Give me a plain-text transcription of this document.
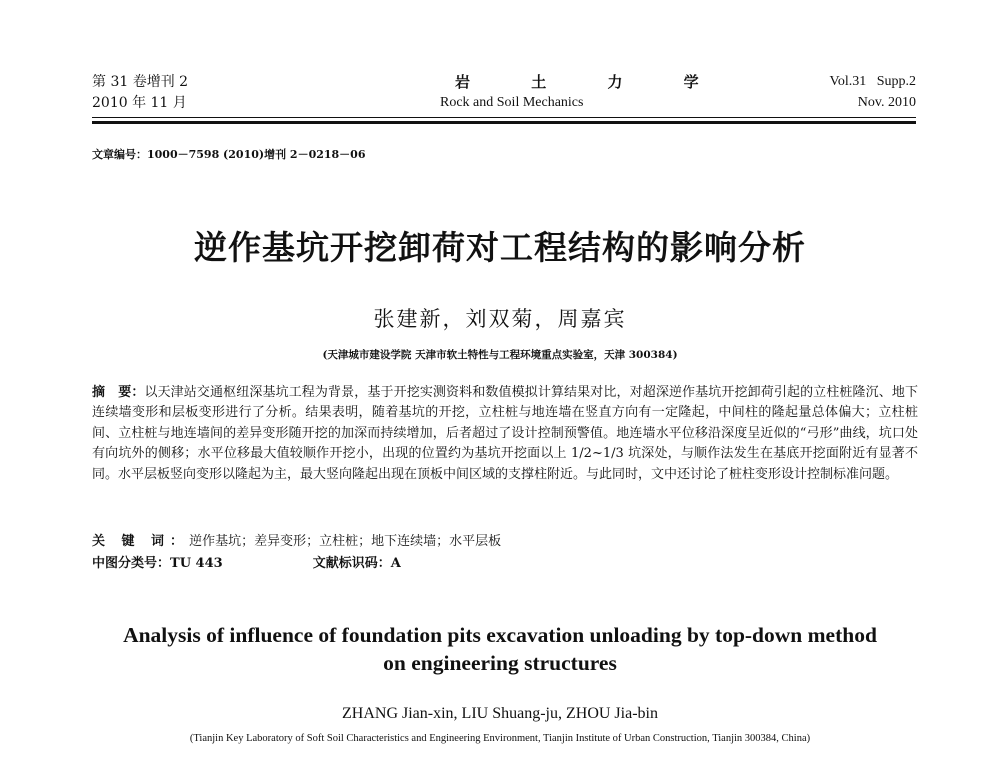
第 31 卷增刊 2
2010 年 11 月
岩 土 力 学
Rock and Soil Mechanics
Vol.31   Supp.2
Nov. 2010
文章编号：1000－7598 (2010)增刊 2－0218－06
逆作基坑开挖卸荷对工程结构的影响分析
张建新，刘双菊，周嘉宾
(天津城市建设学院 天津市软土特性与工程环境重点实验室，天津 300384)
摘　要：以天津站交通枢纽深基坑工程为背景，基于开挖实测资料和数值模拟计算结果对比，对超深逆作基坑开挖卸荷引起的立柱桩隆沉、地下连续墙变形和层板变形进行了分析。结果表明，随着基坑的开挖，立柱桩与地连墙在竖直方向有一定隆起，中间柱的隆起量总体偏大；立柱桩间、立柱桩与地连墙间的差异变形随开挖的加深而持续增加，后者超过了设计控制预警值。地连墙水平位移沿深度呈近似的“弓形”曲线，坑口处有向坑外的侧移；水平位移最大值较顺作开挖小，出现的位置约为基坑开挖面以上 1/2~1/3 坑深处，与顺作法发生在基底开挖面附近有显著不同。水平层板竖向变形以隆起为主，最大竖向隆起出现在顶板中间区域的支撑柱附近。与此同时，文中还讨论了桩柱变形设计控制标准问题。
关 键 词：逆作基坑；差异变形；立柱桩；地下连续墙；水平层板
中图分类号：TU 443	文献标识码：A
Analysis of influence of foundation pits excavation unloading by top-down method on engineering structures
ZHANG Jian-xin, LIU Shuang-ju, ZHOU Jia-bin
(Tianjin Key Laboratory of Soft Soil Characteristics and Engineering Environment, Tianjin Institute of Urban Construction, Tianjin 300384, China)
